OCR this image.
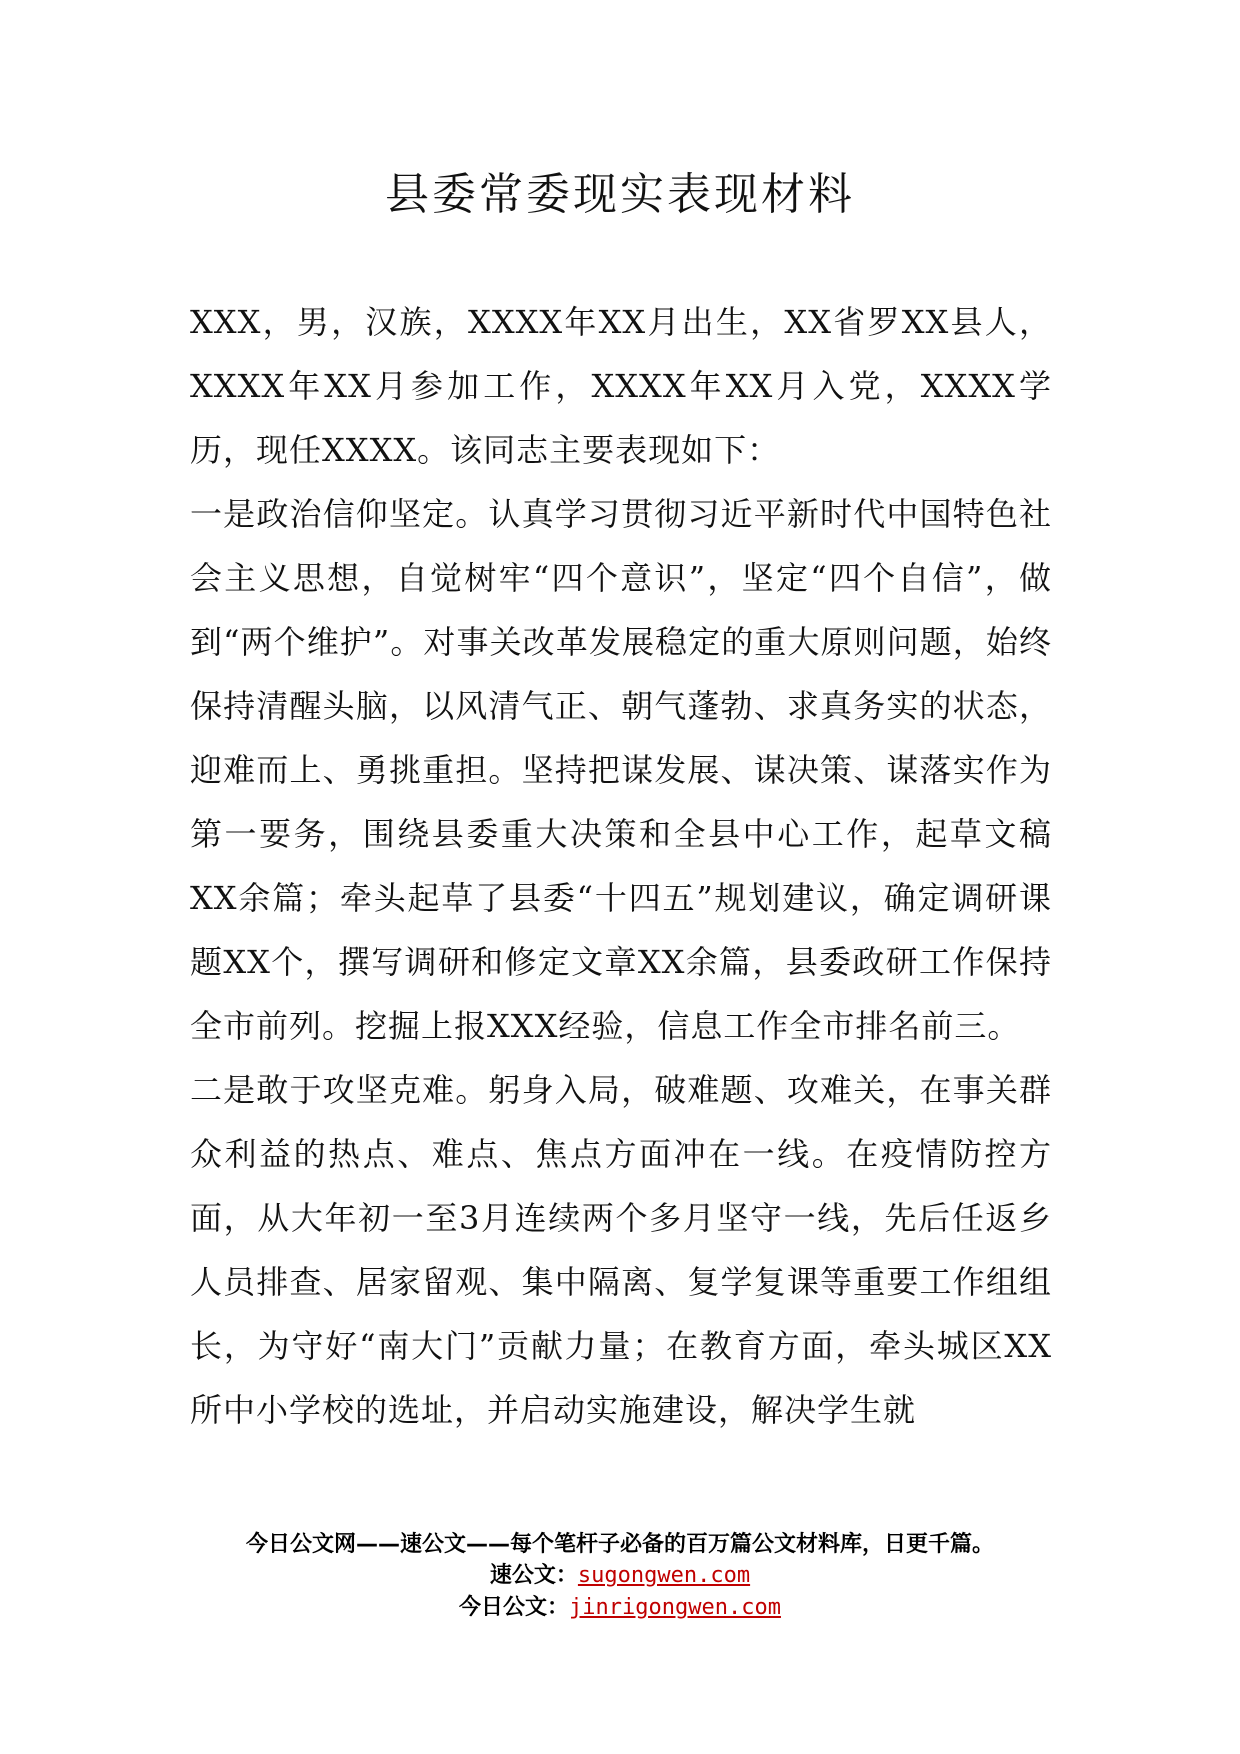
县委常委现实表现材料

XXX，男，汉族，XXXX年XX月出生，XX省罗XX县人，XXXX年XX月参加工作，XXXX年XX月入党，XXXX学历，现任XXXX。该同志主要表现如下：

一是政治信仰坚定。认真学习贯彻习近平新时代中国特色社会主义思想，自觉树牢“四个意识”，坚定“四个自信”，做到“两个维护”。对事关改革发展稳定的重大原则问题，始终保持清醒头脑，以风清气正、朝气蓬勃、求真务实的状态，迎难而上、勇挑重担。坚持把谋发展、谋决策、谋落实作为第一要务，围绕县委重大决策和全县中心工作，起草文稿XX余篇；牵头起草了县委“十四五”规划建议，确定调研课题XX个，撰写调研和修定文章XX余篇，县委政研工作保持全市前列。挖掘上报XXX经验，信息工作全市排名前三。

二是敢于攻坚克难。躬身入局，破难题、攻难关，在事关群众利益的热点、难点、焦点方面冲在一线。在疫情防控方面，从大年初一至3月连续两个多月坚守一线，先后任返乡人员排查、居家留观、集中隔离、复学复课等重要工作组组长，为守好“南大门”贡献力量；在教育方面，牵头城区XX所中小学校的选址，并启动实施建设，解决学生就

今日公文网——速公文——每个笔杆子必备的百万篇公文材料库，日更千篇。
速公文：sugongwen.com
今日公文：jinrigongwen.com
